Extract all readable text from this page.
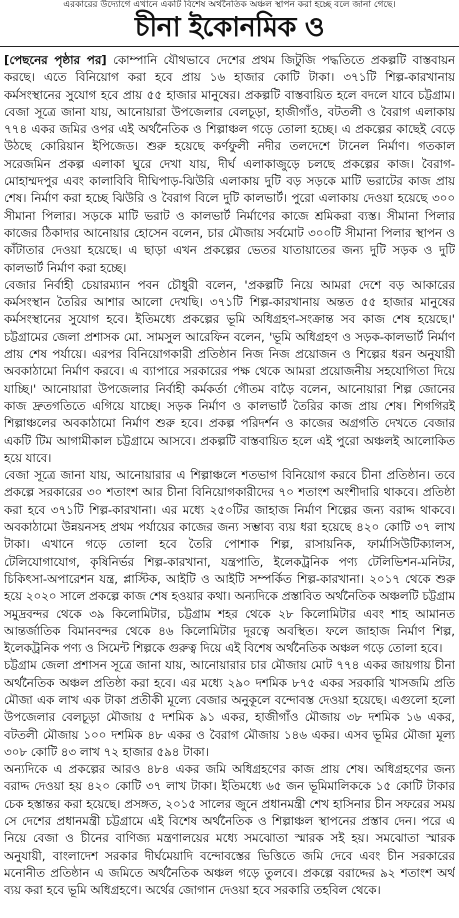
এরকারের উদ্যোগে এখানে একটি বিশেষ অর্থনৈতিক অঞ্চল স্থাপন করা হচ্ছে বলে জানা গেছে।
চীনা ইকোনমিক ও

[পেছনের পৃষ্ঠার পর] কোম্পানি যৌথভাবে দেশের প্রথম জিটুজি পদ্ধতিতে প্রকল্পটি বাস্তবায়ন করছে। এতে বিনিয়োগ করা হবে প্রায় ১৬ হাজার কোটি টাকা। ৩৭১টি শিল্প-কারখানায় কর্মসংস্থানের সুযোগ হবে প্রায় ৫৫ হাজার মানুষের। প্রকল্পটি বাস্তবায়িত হলে বদলে যাবে চট্টগ্রাম। বেজা সূত্রে জানা যায়, আনোয়ারা উপজেলার বেলচূড়া, হাজীগাঁও, বটতলী ও বৈরাগ এলাকায় ৭৭৪ একর জমির ওপর এই অর্থনৈতিক ও শিল্পাঞ্চল গড়ে তোলা হচ্ছে। এ প্রকল্পের কাছেই বেড়ে উঠছে কোরিয়ান ইপিজেড। শুরু হয়েছে কর্ণফুলী নদীর তলদেশে টানেল নির্মাণ। গতকাল সরেজমিন প্রকল্প এলাকা ঘুরে দেখা যায়, দীর্ঘ এলাকাজুড়ে চলছে প্রকল্পের কাজ। বৈরাগ-মোহাম্মদপুর এবং কালাবিবি দীঘিপাড়-ঝিউরি এলাকায় দুটি বড় সড়কে মাটি ভরাটের কাজ প্রায় শেষ। নির্মাণ করা হচ্ছে ঝিউরি ও বৈরাগ বিলে দুটি কালভার্ট। পুরো এলাকায় দেওয়া হয়েছে ৩০০ সীমানা পিলার। সড়কে মাটি ভরাট ও কালভার্ট নির্মাণের কাজে শ্রমিকরা ব্যস্ত। সীমানা পিলার কাজের ঠিকাদার আনোয়ার হোসেন বলেন, চার মৌজায় সর্বমোট ৩০০টি সীমানা পিলার স্থাপন ও কাঁটাতার দেওয়া হয়েছে। এ ছাড়া এখন প্রকল্পের ভেতর যাতায়াতের জন্য দুটি সড়ক ও দুটি কালভার্ট নির্মাণ করা হচ্ছে।

বেজার নির্বাহী চেয়ারম্যান পবন চৌধুরী বলেন, 'প্রকল্পটি নিয়ে আমরা দেশে বড় আকারের কর্মসংস্থান তৈরির আশার আলো দেখছি। ৩৭১টি শিল্প-কারখানায় অন্তত ৫৫ হাজার মানুষের কর্মসংস্থানের সুযোগ হবে। ইতিমধ্যে প্রকল্পের ভূমি অধিগ্রহণ-সংক্রান্ত সব কাজ শেষ হয়েছে।' চট্টগ্রামের জেলা প্রশাসক মো. সামসুল আরেফিন বলেন, 'ভূমি অধিগ্রহণ ও সড়ক-কালভার্ট নির্মাণ প্রায় শেষ পর্যায়ে। এরপর বিনিয়োগকারী প্রতিষ্ঠান নিজ নিজ প্রয়োজন ও শিল্পের ধরন অনুযায়ী অবকাঠামো নির্মাণ করবে। এ ব্যাপারে সরকারের পক্ষ থেকে আমরা প্রয়োজনীয় সহযোগিতা দিয়ে যাচ্ছি।' আনোয়ারা উপজেলার নির্বাহী কর্মকর্তা গৌতম বাড়ৈ বলেন, আনোয়ারা শিল্প জোনের কাজ দ্রুতগতিতে এগিয়ে যাচ্ছে। সড়ক নির্মাণ ও কালভার্ট তৈরির কাজ প্রায় শেষ। শিগগিরই শিল্পাঞ্চলের অবকাঠামো নির্মাণ শুরু হবে। প্রকল্প পরিদর্শন ও কাজের অগ্রগতি দেখতে বেজার একটি টিম আগামীকাল চট্টগ্রামে আসবে। প্রকল্পটি বাস্তবায়িত হলে এই পুরো অঞ্চলই আলোকিত হয়ে যাবে।

বেজা সূত্রে জানা যায়, আনোয়ারার এ শিল্পাঞ্চলে শতভাগ বিনিয়োগ করবে চীনা প্রতিষ্ঠান। তবে প্রকল্পে সরকারের ৩০ শতাংশ আর চীনা বিনিয়োগকারীদের ৭০ শতাংশ অংশীদারি থাকবে। প্রতিষ্ঠা করা হবে ৩৭১টি শিল্প-কারখানা। এর মধ্যে ২৫০টির জাহাজ নির্মাণ শিল্পের জন্য বরাদ্দ থাকবে। অবকাঠামো উন্নয়নসহ প্রথম পর্যায়ের কাজের জন্য সম্ভাব্য ব্যয় ধরা হয়েছে ৪২০ কোটি ৩৭ লাখ টাকা। এখানে গড়ে তোলা হবে তৈরি পোশাক শিল্প, রাসায়নিক, ফার্মাসিউটিক্যালস, টেলিযোগাযোগ, কৃষিনির্ভর শিল্প-কারখানা, যন্ত্রপাতি, ইলেকট্রনিক পণ্য টেলিভিশন-মনিটর, চিকিৎসা-অপারেশন যন্ত্র, প্লাস্টিক, আইটি ও আইটি সম্পর্কিত শিল্প-কারখানা। ২০১৭ থেকে শুরু হয়ে ২০২০ সালে প্রকল্পে কাজ শেষ হওয়ার কথা। অন্যদিকে প্রস্তাবিত অর্থনৈতিক অঞ্চলটি চট্টগ্রাম সমুদ্রবন্দর থেকে ৩৯ কিলোমিটার, চট্টগ্রাম শহর থেকে ২৮ কিলোমিটার এবং শাহ আমানত আন্তর্জাতিক বিমানবন্দর থেকে ৪৬ কিলোমিটার দূরত্বে অবস্থিত। ফলে জাহাজ নির্মাণ শিল্প, ইলেকট্রনিক পণ্য ও সিমেন্ট শিল্পকে গুরুত্ব দিয়ে এই বিশেষ অর্থনৈতিক অঞ্চল গড়ে তোলা হবে।

চট্টগ্রাম জেলা প্রশাসন সূত্রে জানা যায়, আনোয়ারার চার মৌজায় মোট ৭৭৪ একর জায়গায় চীনা অর্থনৈতিক অঞ্চল প্রতিষ্ঠা করা হবে। এর মধ্যে ২৯০ দশমিক ৮৭৫ একর সরকারি খাসজমি প্রতি মৌজা এক লাখ এক টাকা প্রতীকী মূল্যে বেজার অনুকূলে বন্দোবস্ত দেওয়া হয়েছে। এগুলো হলো উপজেলার বেলচূড়া মৌজায় ৫ দশমিক ৯১ একর, হাজীগাঁও মৌজায় ৩৮ দশমিক ১৬ একর, বটতলী মৌজায় ১০০ দশমিক ৪৮ একর ও বৈরাগ মৌজায় ১৪৬ একর। এসব ভূমির মৌজা মূল্য ৩০৮ কোটি ৪৩ লাখ ৭২ হাজার ৫৯৪ টাকা।

অন্যদিকে এ প্রকল্পের আরও ৪৮৪ একর জমি অধিগ্রহণের কাজ প্রায় শেষ। অধিগ্রহণের জন্য বরাদ্দ দেওয়া হয় ৪২০ কোটি ৩৭ লাখ টাকা। ইতিমধ্যে ৬৫ জন ভূমিমালিককে ১৫ কোটি টাকার চেক হস্তান্তর করা হয়েছে। প্রসঙ্গত, ২০১৫ সালের জুনে প্রধানমন্ত্রী শেখ হাসিনার চীন সফরের সময় সে দেশের প্রধানমন্ত্রী চট্টগ্রামে এই বিশেষ অর্থনৈতিক ও শিল্পাঞ্চল স্থাপনের প্রস্তাব দেন। পরে এ নিয়ে বেজা ও চীনের বাণিজ্য মন্ত্রণালয়ের মধ্যে সমঝোতা স্মারক সই হয়। সমঝোতা স্মারক অনুযায়ী, বাংলাদেশ সরকার দীর্ঘমেয়াদি বন্দোবস্তের ভিত্তিতে জমি দেবে এবং চীন সরকারের মনোনীত প্রতিষ্ঠান এ জমিতে অর্থনৈতিক অঞ্চল গড়ে তুলবে। প্রকল্পে বরাদ্দের ৯২ শতাংশ অর্থ ব্যয় করা হবে ভূমি অধিগ্রহণে। অর্থের জোগান দেওয়া হবে সরকারি তহবিল থেকে।
